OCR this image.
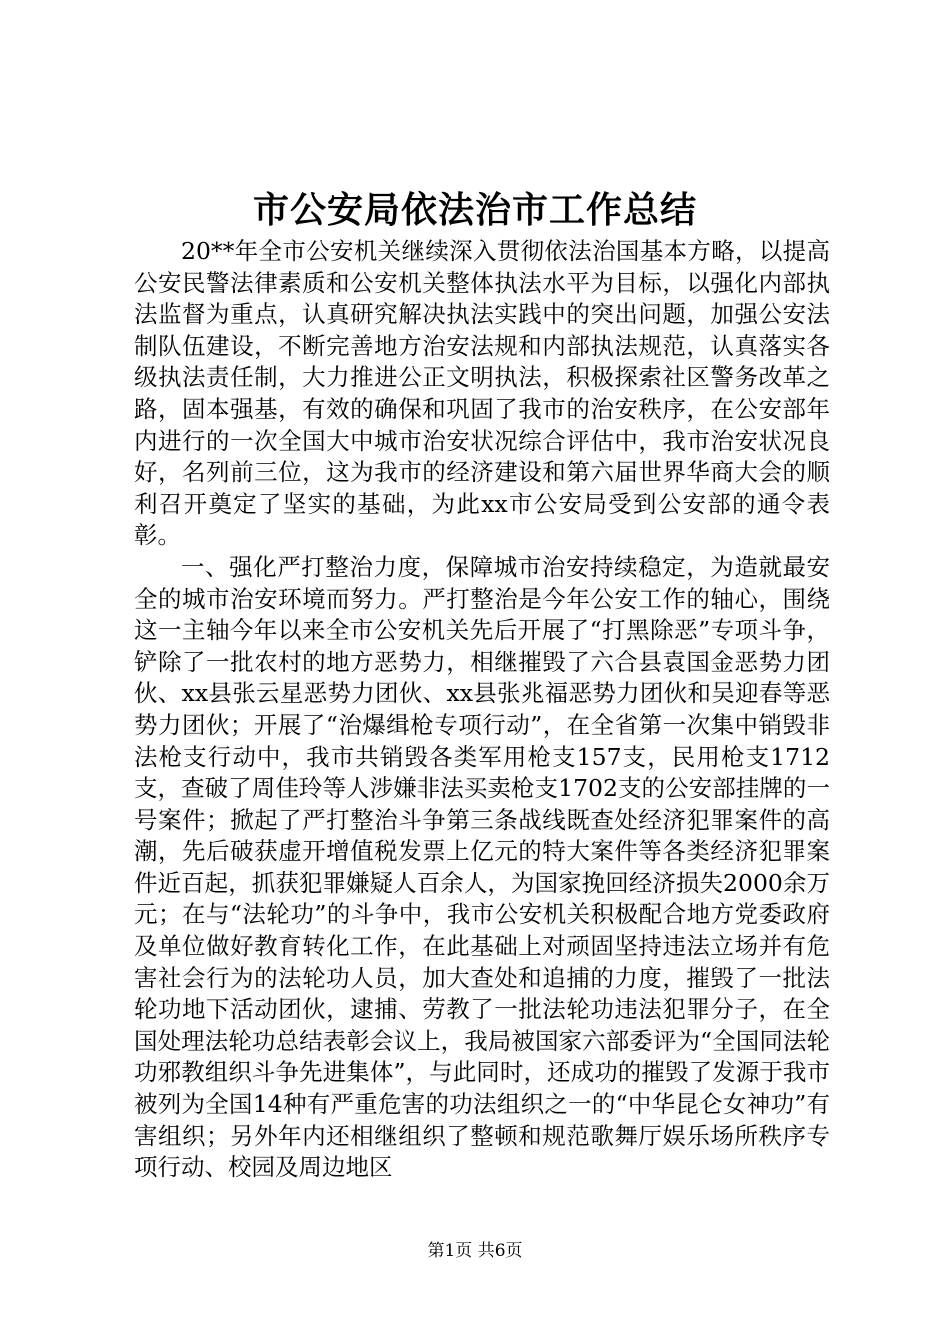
市公安局依法治市工作总结

20**年全市公安机关继续深入贯彻依法治国基本方略，以提高公安民警法律素质和公安机关整体执法水平为目标，以强化内部执法监督为重点，认真研究解决执法实践中的突出问题，加强公安法制队伍建设，不断完善地方治安法规和内部执法规范，认真落实各级执法责任制，大力推进公正文明执法，积极探索社区警务改革之路，固本强基，有效的确保和巩固了我市的治安秩序，在公安部年内进行的一次全国大中城市治安状况综合评估中，我市治安状况良好，名列前三位，这为我市的经济建设和第六届世界华商大会的顺利召开奠定了坚实的基础，为此xx市公安局受到公安部的通令表彰。

一、强化严打整治力度，保障城市治安持续稳定，为造就最安全的城市治安环境而努力。严打整治是今年公安工作的轴心，围绕这一主轴今年以来全市公安机关先后开展了“打黑除恶”专项斗争，铲除了一批农村的地方恶势力，相继摧毁了六合县袁国金恶势力团伙、xx县张云星恶势力团伙、xx县张兆福恶势力团伙和吴迎春等恶势力团伙；开展了“治爆缉枪专项行动”，在全省第一次集中销毁非法枪支行动中，我市共销毁各类军用枪支157支，民用枪支1712支，查破了周佳玲等人涉嫌非法买卖枪支1702支的公安部挂牌的一号案件；掀起了严打整治斗争第三条战线既查处经济犯罪案件的高潮，先后破获虚开增值税发票上亿元的特大案件等各类经济犯罪案件近百起，抓获犯罪嫌疑人百余人，为国家挽回经济损失2000余万元；在与“法轮功”的斗争中，我市公安机关积极配合地方党委政府及单位做好教育转化工作，在此基础上对顽固坚持违法立场并有危害社会行为的法轮功人员，加大查处和追捕的力度，摧毁了一批法轮功地下活动团伙，逮捕、劳教了一批法轮功违法犯罪分子，在全国处理法轮功总结表彰会议上，我局被国家六部委评为“全国同法轮功邪教组织斗争先进集体”，与此同时，还成功的摧毁了发源于我市被列为全国14种有严重危害的功法组织之一的“中华昆仑女神功”有害组织；另外年内还相继组织了整顿和规范歌舞厅娱乐场所秩序专项行动、校园及周边地区

第1页 共6页
